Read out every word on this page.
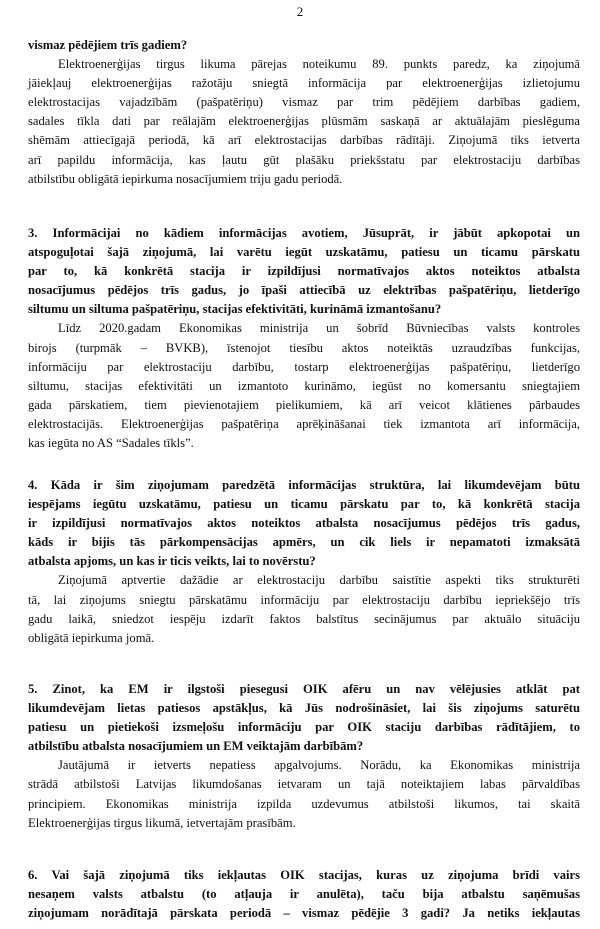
2
vismaz pēdējiem trīs gadiem?
Elektroenerģijas tirgus likuma pārejas noteikumu 89. punkts paredz, ka ziņojumā
jāiekļauj elektroenerģijas ražotāju sniegtā informācija par elektroenerģijas izlietojumu
elektrostacijas vajadzībām (pašpatēriņu) vismaz par trim pēdējiem darbības gadiem,
sadales tīkla dati par reālajām elektroenerģijas plūsmām saskaņā ar aktuālajām pieslēguma
shēmām attiecīgajā periodā, kā arī elektrostacijas darbības rādītāji. Ziņojumā tiks ietverta
arī papildu informācija, kas ļautu gūt plašāku priekšstatu par elektrostaciju darbības
atbilstību obligātā iepirkuma nosacījumiem triju gadu periodā.
3. Informācijai no kādiem informācijas avotiem, Jūsuprāt, ir jābūt apkopotai un
atspoguļotai šajā ziņojumā, lai varētu iegūt uzskatāmu, patiesu un ticamu pārskatu
par to, kā konkrētā stacija ir izpildījusi normatīvajos aktos noteiktos atbalsta
nosacījumus pēdējos trīs gadus, jo īpaši attiecībā uz elektrības pašpatēriņu, lietderīgo
siltumu un siltuma pašpatēriņu, stacijas efektivitāti, kurināmā izmantošanu?
Līdz 2020.gadam Ekonomikas ministrija un šobrīd Būvniecības valsts kontroles
birojs (turpmāk – BVKB), īstenojot tiesību aktos noteiktās uzraudzības funkcijas,
informāciju par elektrostaciju darbību, tostarp elektroenerģijas pašpatēriņu, lietderīgo
siltumu, stacijas efektivitāti un izmantoto kurināmo, iegūst no komersantu sniegtajiem
gada pārskatiem, tiem pievienotajiem pielikumiem, kā arī veicot klātienes pārbaudes
elektrostacijās. Elektroenerģijas pašpatēriņa aprēķināšanai tiek izmantota arī informācija,
kas iegūta no AS “Sadales tīkls”.
4. Kāda ir šim ziņojumam paredzētā informācijas struktūra, lai likumdevējam būtu
iespējams iegūtu uzskatāmu, patiesu un ticamu pārskatu par to, kā konkrētā stacija
ir izpildījusi normatīvajos aktos noteiktos atbalsta nosacījumus pēdējos trīs gadus,
kāds ir bijis tās pārkompensācijas apmērs, un cik liels ir nepamatoti izmaksātā
atbalsta apjoms, un kas ir ticis veikts, lai to novērstu?
Ziņojumā aptvertie dažādie ar elektrostaciju darbību saistītie aspekti tiks strukturēti
tā, lai ziņojums sniegtu pārskatāmu informāciju par elektrostaciju darbību iepriekšējo trīs
gadu laikā, sniedzot iespēju izdarīt faktos balstītus secinājumus par aktuālo situāciju
obligātā iepirkuma jomā.
5. Zinot, ka EM ir ilgstoši piesegusi OIK afēru un nav vēlējusies atklāt pat
likumdevējam lietas patiesos apstākļus, kā Jūs nodrošināsiet, lai šis ziņojums saturētu
patiesu un pietiekoši izsmeļošu informāciju par OIK staciju darbības rādītājiem, to
atbilstību atbalsta nosacījumiem un EM veiktajām darbībām?
Jautājumā ir ietverts nepatiess apgalvojums. Norādu, ka Ekonomikas ministrija
strādā atbilstoši Latvijas likumdošanas ietvaram un tajā noteiktajiem labas pārvaldības
principiem. Ekonomikas ministrija izpilda uzdevumus atbilstoši likumos, tai skaitā
Elektroenerģijas tirgus likumā, ietvertajām prasībām.
6. Vai šajā ziņojumā tiks iekļautas OIK stacijas, kuras uz ziņojuma brīdi vairs
nesaņem valsts atbalstu (to atļauja ir anulēta), taču bija atbalstu saņēmušas
ziņojumam norādītajā pārskata periodā – vismaz pēdējie 3 gadi? Ja netiks iekļautas
